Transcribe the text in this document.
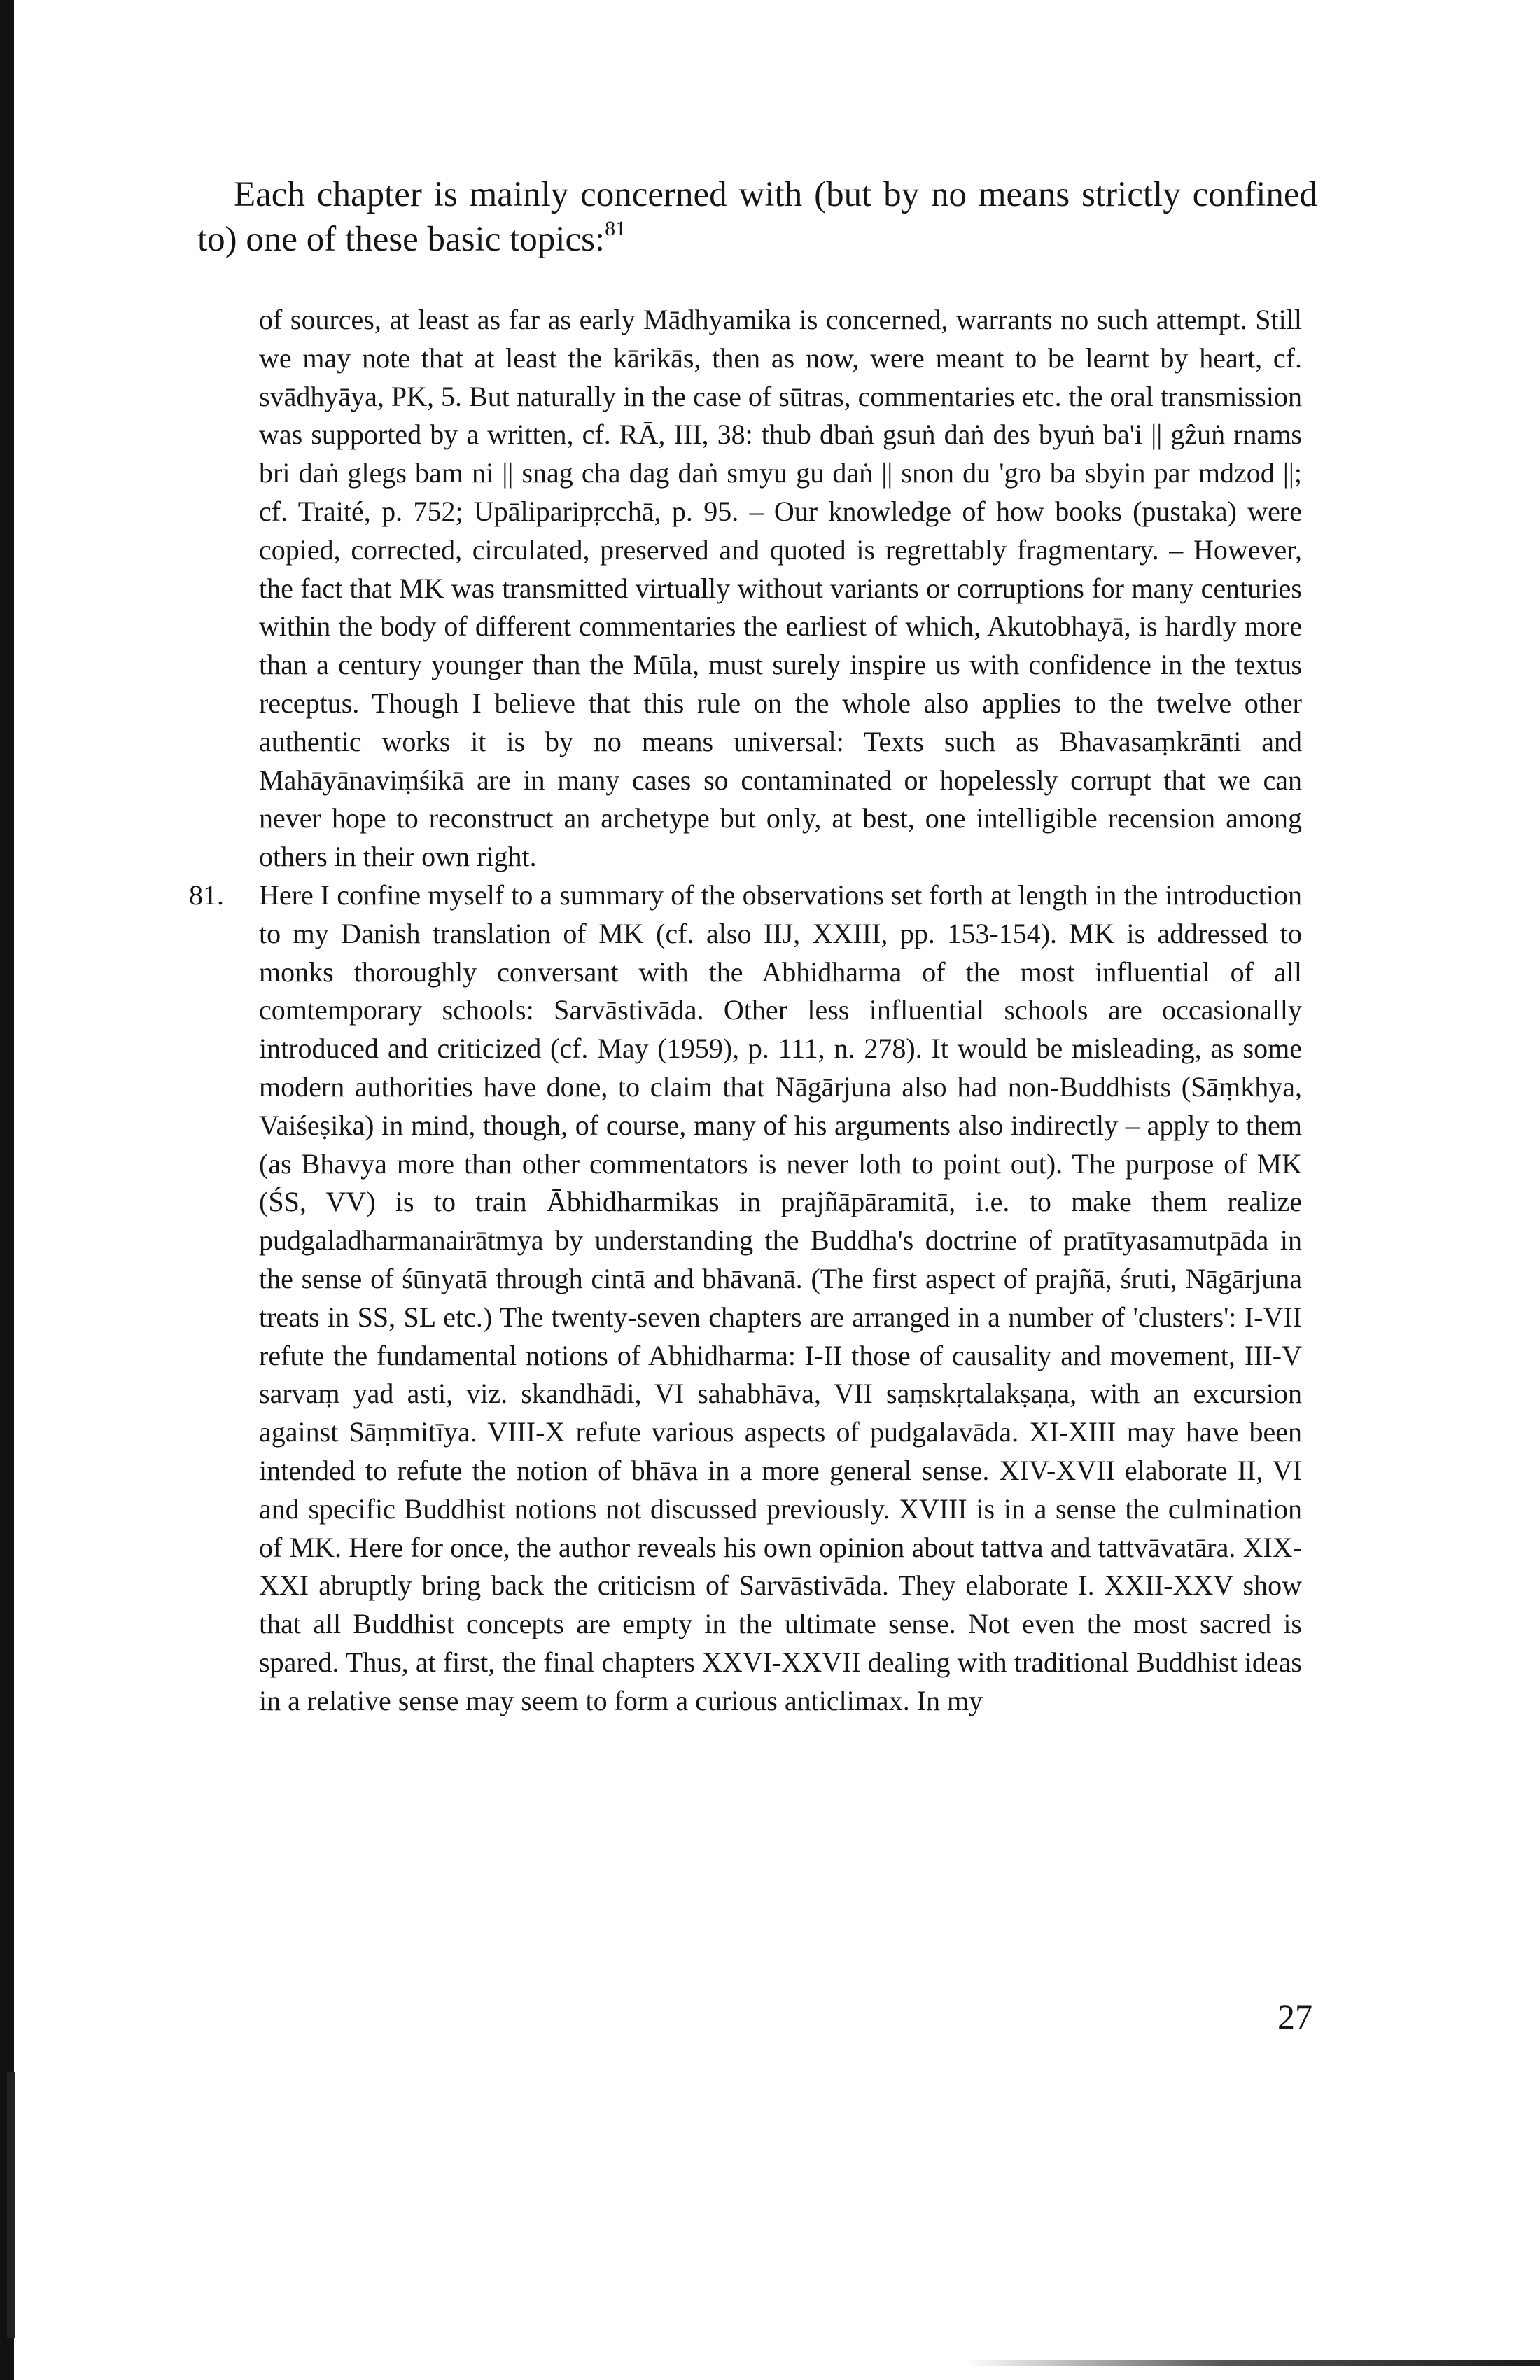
Each chapter is mainly concerned with (but by no means strictly confined to) one of these basic topics:$^{81}$

of sources, at least as far as early Mādhyamika is concerned, warrants no such attempt. Still we may note that at least the kārikās, then as now, were meant to be learnt by heart, cf. svādhyāya, PK, 5. But naturally in the case of sūtras, commentaries etc. the oral transmission was supported by a written, cf. RĀ, III, 38: thub dbaṅ gsuṅ daṅ des byuṅ ba'i || gẑuṅ rnams bri daṅ glegs bam ni || snag cha dag daṅ smyu gu daṅ || snon du 'gro ba sbyin par mdzod ||; cf. Traité, p. 752; Upāliparipṛcchā, p. 95. – Our knowledge of how books (pustaka) were copied, corrected, circulated, preserved and quoted is regrettably fragmentary. – However, the fact that MK was transmitted virtually without variants or corruptions for many centuries within the body of different commentaries the earliest of which, Akutobhayā, is hardly more than a century younger than the Mūla, must surely inspire us with confidence in the textus receptus. Though I believe that this rule on the whole also applies to the twelve other authentic works it is by no means universal: Texts such as Bhavasaṃkrānti and Mahāyānaviṃśikā are in many cases so contaminated or hopelessly corrupt that we can never hope to reconstruct an archetype but only, at best, one intelligible recension among others in their own right.

81. Here I confine myself to a summary of the observations set forth at length in the introduction to my Danish translation of MK (cf. also IIJ, XXIII, pp. 153-154). MK is addressed to monks thoroughly conversant with the Abhidharma of the most influential of all comtemporary schools: Sarvāstivāda. Other less influential schools are occasionally introduced and criticized (cf. May (1959), p. 111, n. 278). It would be misleading, as some modern authorities have done, to claim that Nāgārjuna also had non-Buddhists (Sāṃkhya, Vaiśeṣika) in mind, though, of course, many of his arguments also indirectly – apply to them (as Bhavya more than other commentators is never loth to point out). The purpose of MK (ŚS, VV) is to train Ābhidharmikas in prajñāpāramitā, i.e. to make them realize pudgaladharmanairātmya by understanding the Buddha's doctrine of pratītyasamutpāda in the sense of śūnyatā through cintā and bhāvanā. (The first aspect of prajñā, śruti, Nāgārjuna treats in SS, SL etc.) The twenty-seven chapters are arranged in a number of 'clusters': I-VII refute the fundamental notions of Abhidharma: I-II those of causality and movement, III-V sarvaṃ yad asti, viz. skandhādi, VI sahabhāva, VII saṃskṛtalakṣaṇa, with an excursion against Sāṃmitīya. VIII-X refute various aspects of pudgalavāda. XI-XIII may have been intended to refute the notion of bhāva in a more general sense. XIV-XVII elaborate II, VI and specific Buddhist notions not discussed previously. XVIII is in a sense the culmination of MK. Here for once, the author reveals his own opinion about tattva and tattvāvatāra. XIX-XXI abruptly bring back the criticism of Sarvāstivāda. They elaborate I. XXII-XXV show that all Buddhist concepts are empty in the ultimate sense. Not even the most sacred is spared. Thus, at first, the final chapters XXVI-XXVII dealing with traditional Buddhist ideas in a relative sense may seem to form a curious anticlimax. In my

27
